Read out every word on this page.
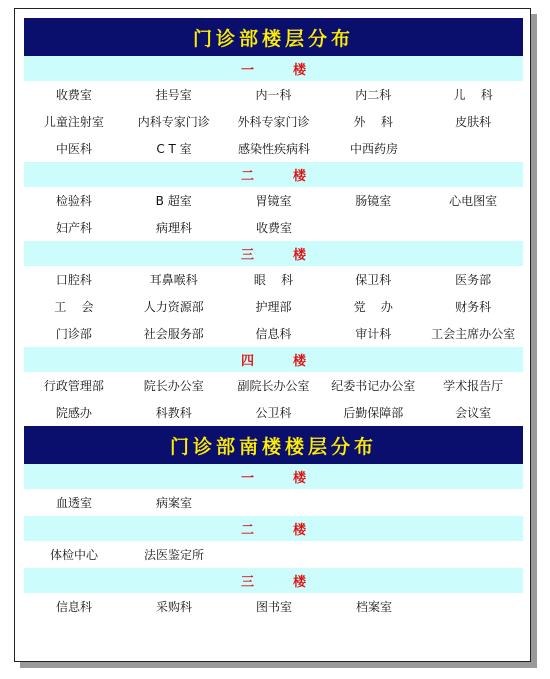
门诊部楼层分布
一  楼
收费室	挂号室	内一科	内二科	儿    科
儿童注射室	内科专家门诊	外科专家门诊	外    科	皮肤科
中医科	C T 室	感染性疾病科	中西药房
二  楼
检验科	B 超室	胃镜室	肠镜室	心电图室
妇产科	病理科	收费室
三  楼
口腔科	耳鼻喉科	眼    科	保卫科	医务部
工    会	人力资源部	护理部	党    办	财务科
门诊部	社会服务部	信息科	审计科	工会主席办公室
四  楼
行政管理部	院长办公室	副院长办公室	纪委书记办公室	学术报告厅
院感办	科教科	公卫科	后勤保障部	会议室
门诊部南楼楼层分布
一  楼
血透室	病案室
二  楼
体检中心	法医鉴定所
三  楼
信息科	采购科	图书室	档案室
